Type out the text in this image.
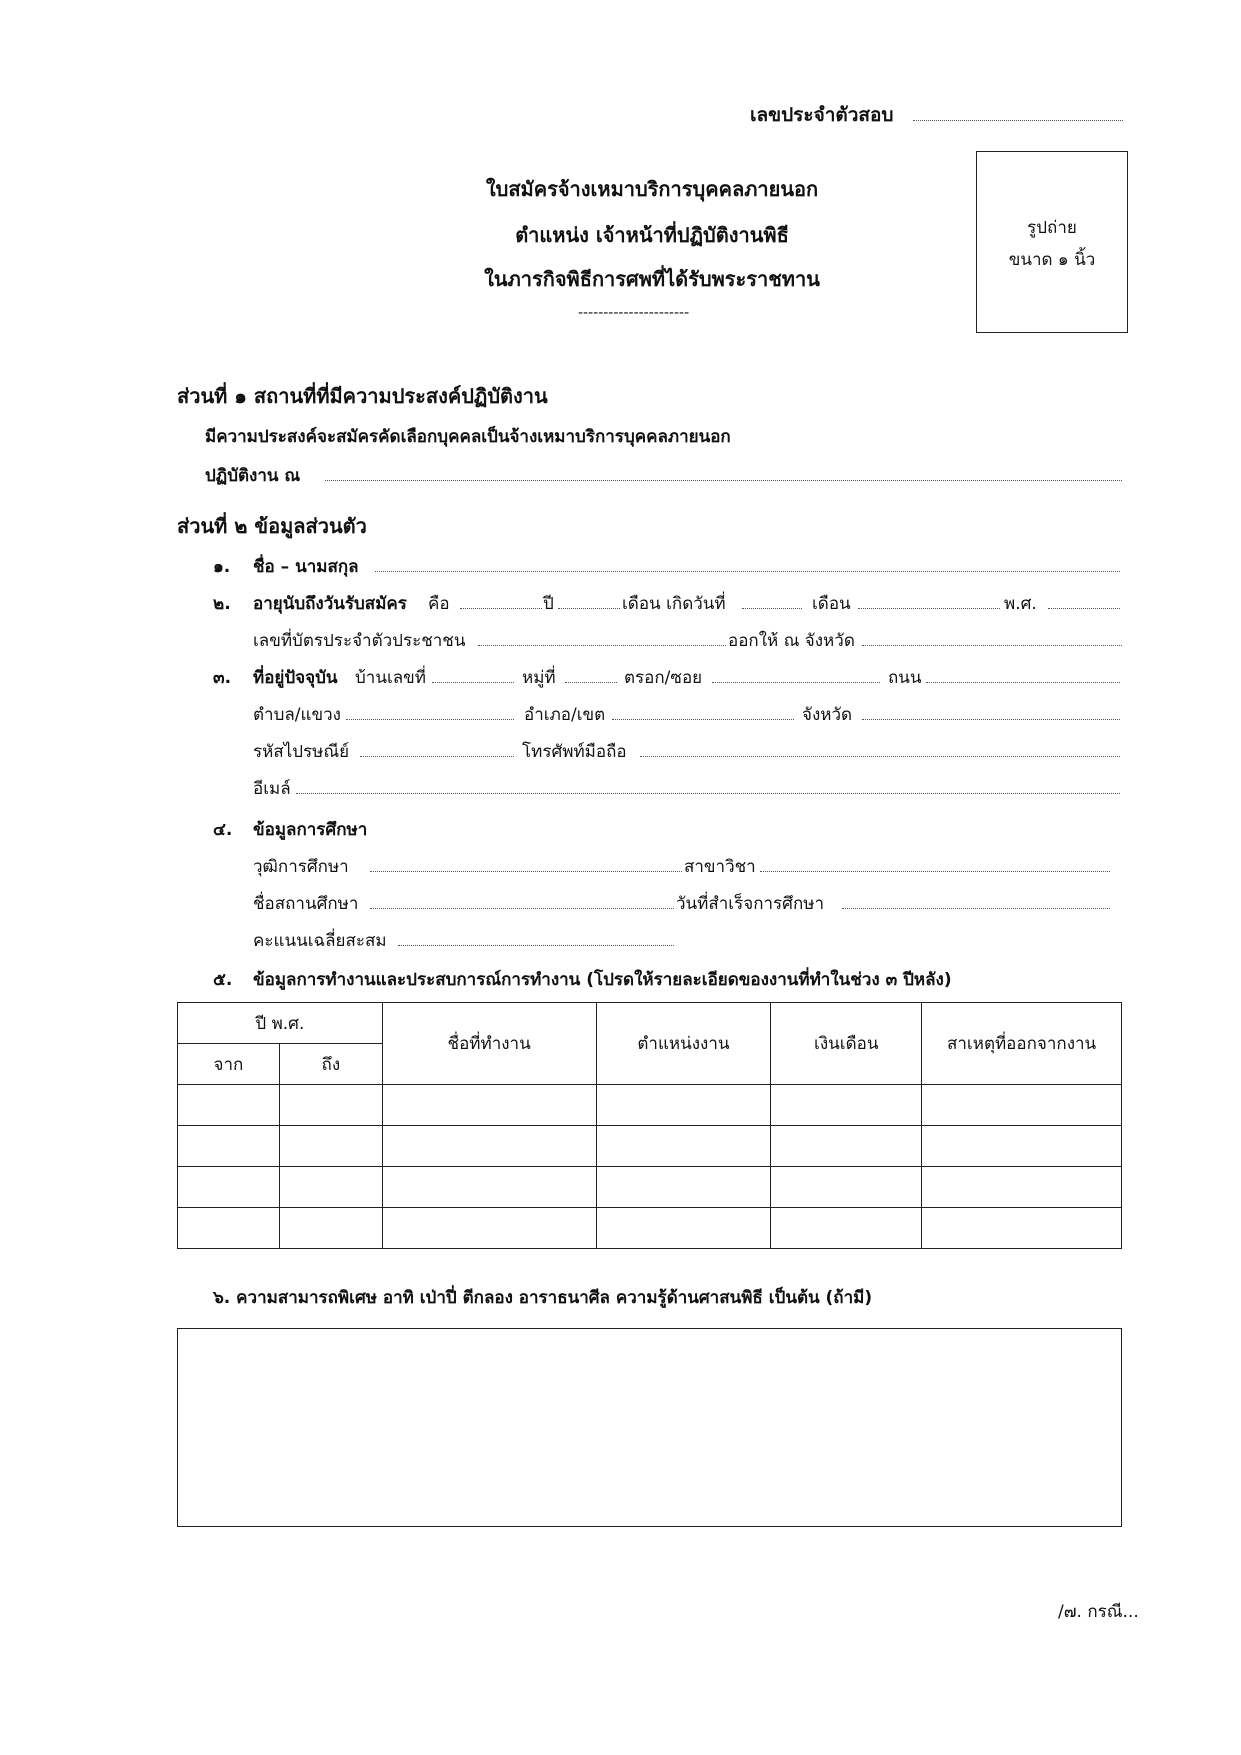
เลขประจำตัวสอบ
ใบสมัครจ้างเหมาบริการบุคคลภายนอก
ตำแหน่ง เจ้าหน้าที่ปฏิบัติงานพิธี
ในภารกิจพิธีการศพที่ได้รับพระราชทาน
----------------------
รูปถ่าย
ขนาด ๑ นิ้ว
ส่วนที่ ๑ สถานที่ที่มีความประสงค์ปฏิบัติงาน
มีความประสงค์จะสมัครคัดเลือกบุคคลเป็นจ้างเหมาบริการบุคคลภายนอก
ปฏิบัติงาน ณ
ส่วนที่ ๒ ข้อมูลส่วนตัว
๑. ชื่อ – นามสกุล
๒. อายุนับถึงวันรับสมัคร คือ	ปี	เดือน เกิดวันที่	เดือน	พ.ศ.
เลขที่บัตรประจำตัวประชาชน	ออกให้ ณ จังหวัด
๓. ที่อยู่ปัจจุบัน บ้านเลขที่	หมู่ที่	ตรอก/ซอย	ถนน
ตำบล/แขวง	อำเภอ/เขต	จังหวัด
รหัสไปรษณีย์	โทรศัพท์มือถือ
อีเมล์
๔. ข้อมูลการศึกษา
วุฒิการศึกษา	สาขาวิชา
ชื่อสถานศึกษา	วันที่สำเร็จการศึกษา
คะแนนเฉลี่ยสะสม
๕. ข้อมูลการทำงานและประสบการณ์การทำงาน (โปรดให้รายละเอียดของงานที่ทำในช่วง ๓ ปีหลัง)
ปี พ.ศ.		ชื่อที่ทำงาน	ตำแหน่งงาน	เงินเดือน	สาเหตุที่ออกจากงาน
จาก	ถึง				

๖. ความสามารถพิเศษ อาทิ เป่าปี่ ตีกลอง อาราธนาศีล ความรู้ด้านศาสนพิธี เป็นต้น (ถ้ามี)
/๗. กรณี...
